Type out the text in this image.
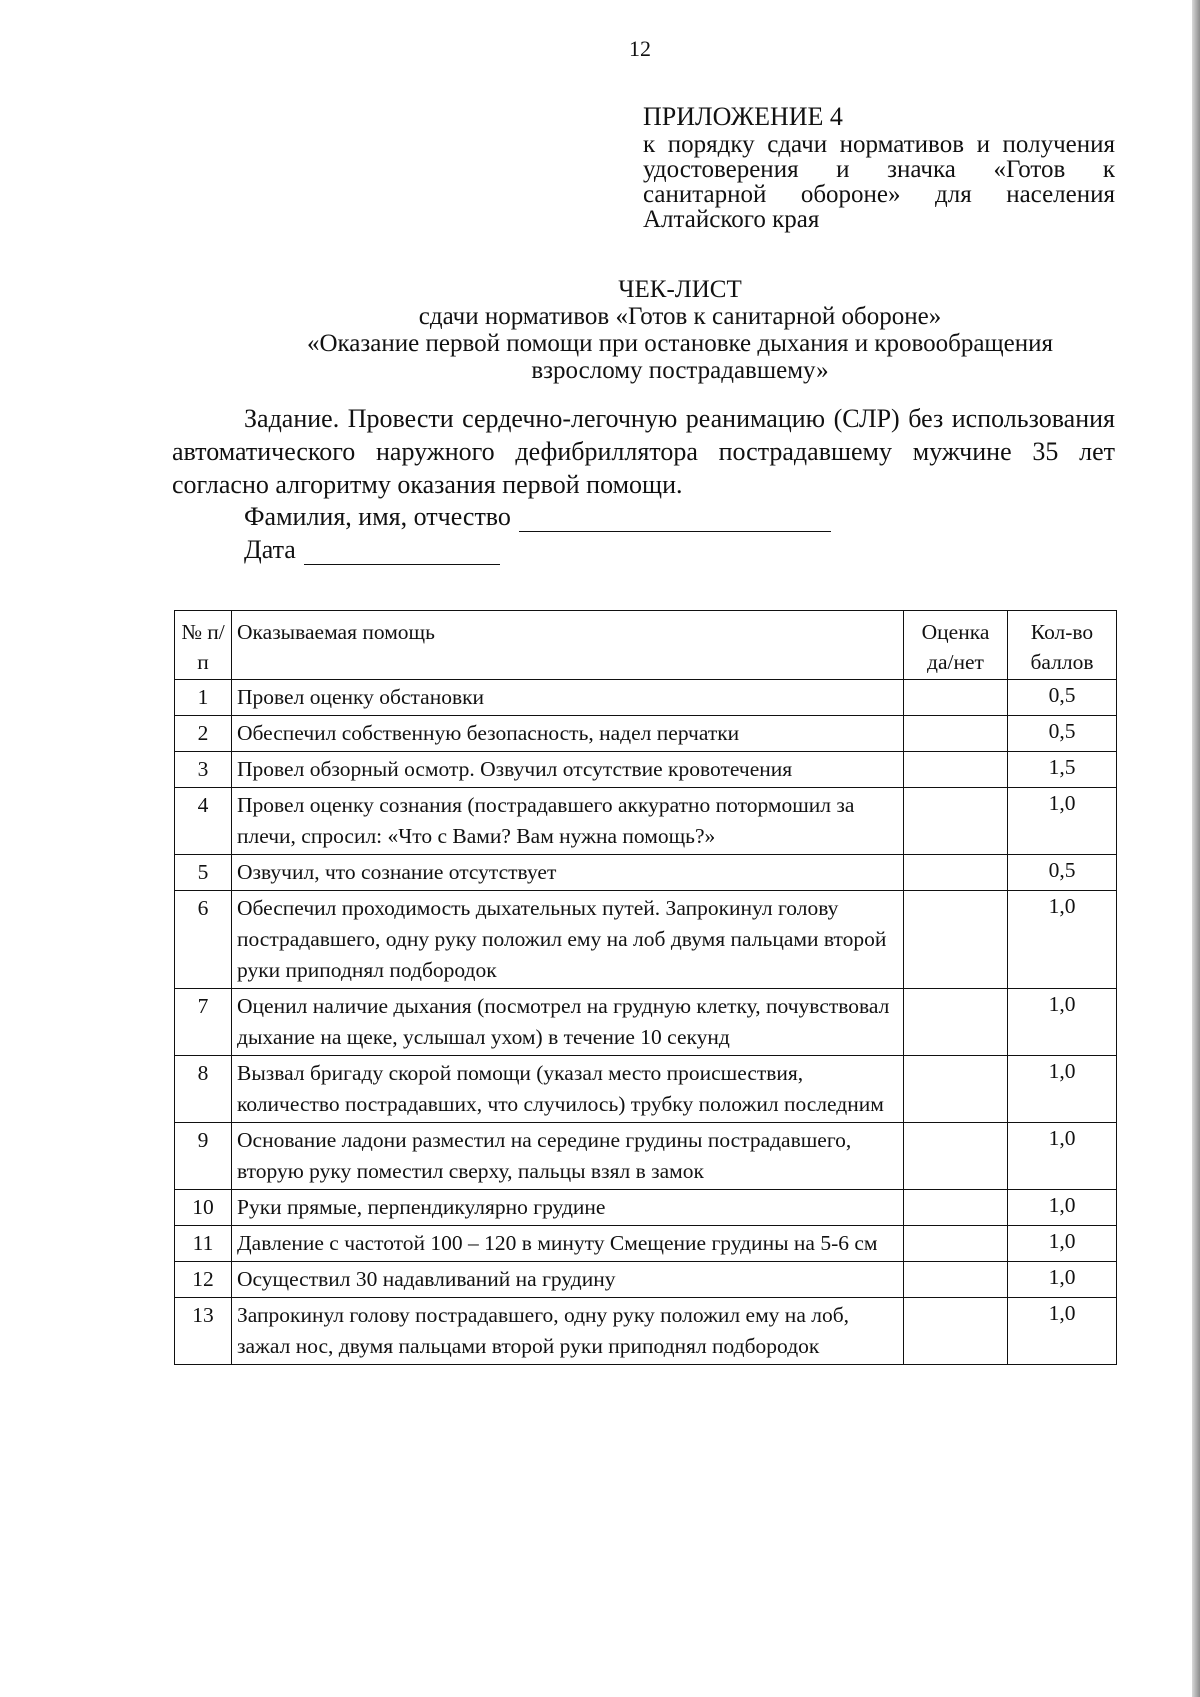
12
ПРИЛОЖЕНИЕ 4
к порядку сдачи нормативов и получения удостоверения и значка «Готов к санитарной обороне» для населения Алтайского края
ЧЕК-ЛИСТ
сдачи нормативов «Готов к санитарной обороне»
«Оказание первой помощи при остановке дыхания и кровообращения
взрослому пострадавшему»
Задание. Провести сердечно-легочную реанимацию (СЛР) без использования автоматического наружного дефибриллятора пострадавшему мужчине 35 лет согласно алгоритму оказания первой помощи.
Фамилия, имя, отчество
Дата
№ п/п	Оказываемая помощь	Оценка да/нет	Кол-во баллов
1	Провел оценку обстановки		0,5
2	Обеспечил собственную безопасность, надел перчатки		0,5
3	Провел обзорный осмотр. Озвучил отсутствие кровотечения		1,5
4	Провел оценку сознания (пострадавшего аккуратно потормошил за плечи, спросил: «Что с Вами? Вам нужна помощь?»		1,0
5	Озвучил, что сознание отсутствует		0,5
6	Обеспечил проходимость дыхательных путей. Запрокинул голову пострадавшего, одну руку положил ему на лоб двумя пальцами второй руки приподнял подбородок		1,0
7	Оценил наличие дыхания (посмотрел на грудную клетку, почувствовал дыхание на щеке, услышал ухом) в течение 10 секунд		1,0
8	Вызвал бригаду скорой помощи (указал место происшествия, количество пострадавших, что случилось) трубку положил последним		1,0
9	Основание ладони разместил на середине грудины пострадавшего, вторую руку поместил сверху, пальцы взял в замок		1,0
10	Руки прямые, перпендикулярно грудине		1,0
11	Давление с частотой 100 – 120 в минуту Смещение грудины на 5-6 см		1,0
12	Осуществил 30 надавливаний на грудину		1,0
13	Запрокинул голову пострадавшего, одну руку положил ему на лоб, зажал нос, двумя пальцами второй руки приподнял подбородок		1,0
